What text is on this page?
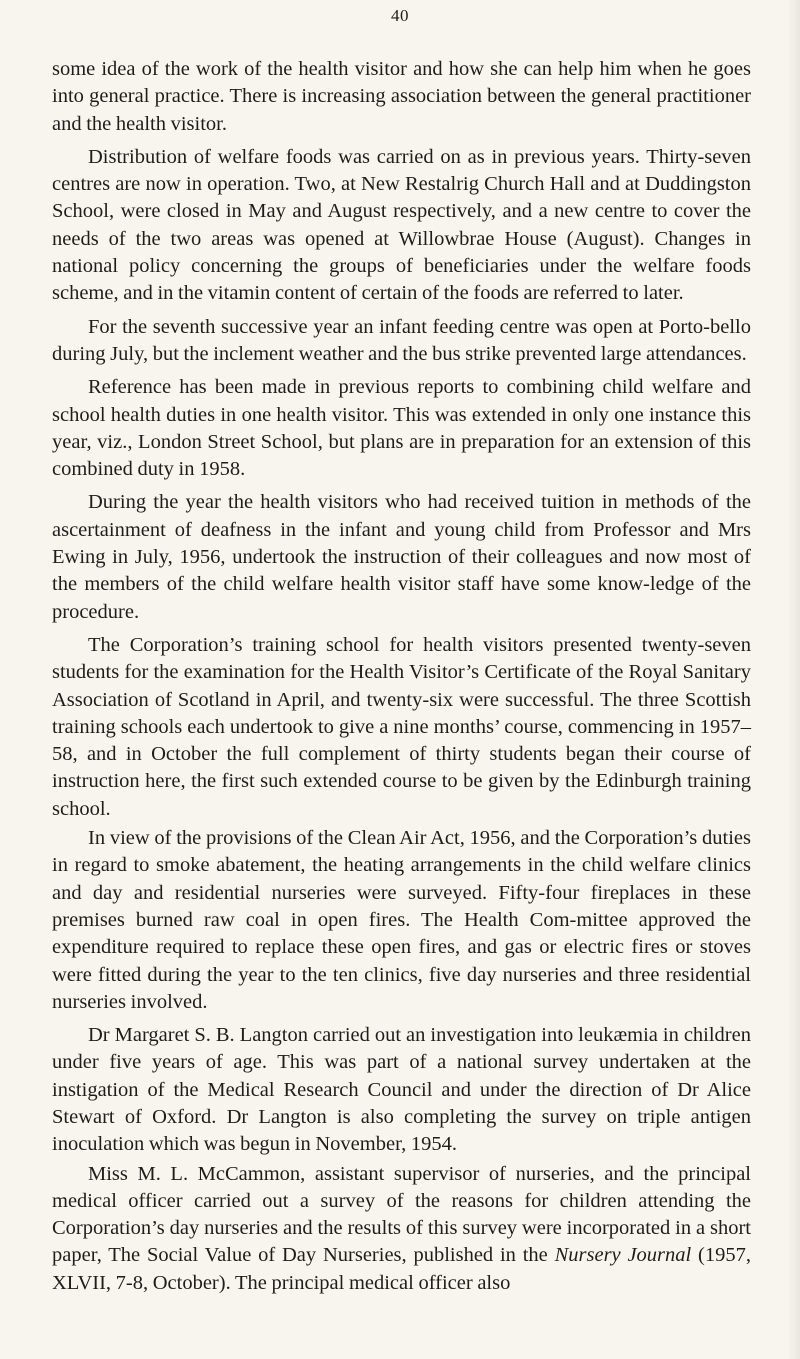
40

some idea of the work of the health visitor and how she can help him when he goes into general practice. There is increasing association between the general practitioner and the health visitor.

Distribution of welfare foods was carried on as in previous years. Thirty-seven centres are now in operation. Two, at New Restalrig Church Hall and at Duddingston School, were closed in May and August respectively, and a new centre to cover the needs of the two areas was opened at Willowbrae House (August). Changes in national policy concerning the groups of beneficiaries under the welfare foods scheme, and in the vitamin content of certain of the foods are referred to later.

For the seventh successive year an infant feeding centre was open at Porto-bello during July, but the inclement weather and the bus strike prevented large attendances.

Reference has been made in previous reports to combining child welfare and school health duties in one health visitor. This was extended in only one instance this year, viz., London Street School, but plans are in preparation for an extension of this combined duty in 1958.

During the year the health visitors who had received tuition in methods of the ascertainment of deafness in the infant and young child from Professor and Mrs Ewing in July, 1956, undertook the instruction of their colleagues and now most of the members of the child welfare health visitor staff have some know-ledge of the procedure.

The Corporation’s training school for health visitors presented twenty-seven students for the examination for the Health Visitor’s Certificate of the Royal Sanitary Association of Scotland in April, and twenty-six were successful. The three Scottish training schools each undertook to give a nine months’ course, commencing in 1957–58, and in October the full complement of thirty students began their course of instruction here, the first such extended course to be given by the Edinburgh training school.

In view of the provisions of the Clean Air Act, 1956, and the Corporation’s duties in regard to smoke abatement, the heating arrangements in the child welfare clinics and day and residential nurseries were surveyed. Fifty-four fireplaces in these premises burned raw coal in open fires. The Health Com-mittee approved the expenditure required to replace these open fires, and gas or electric fires or stoves were fitted during the year to the ten clinics, five day nurseries and three residential nurseries involved.

Dr Margaret S. B. Langton carried out an investigation into leukæmia in children under five years of age. This was part of a national survey undertaken at the instigation of the Medical Research Council and under the direction of Dr Alice Stewart of Oxford. Dr Langton is also completing the survey on triple antigen inoculation which was begun in November, 1954.

Miss M. L. McCammon, assistant supervisor of nurseries, and the principal medical officer carried out a survey of the reasons for children attending the Corporation’s day nurseries and the results of this survey were incorporated in a short paper, The Social Value of Day Nurseries, published in the Nursery Journal (1957, XLVII, 7-8, October). The principal medical officer also
